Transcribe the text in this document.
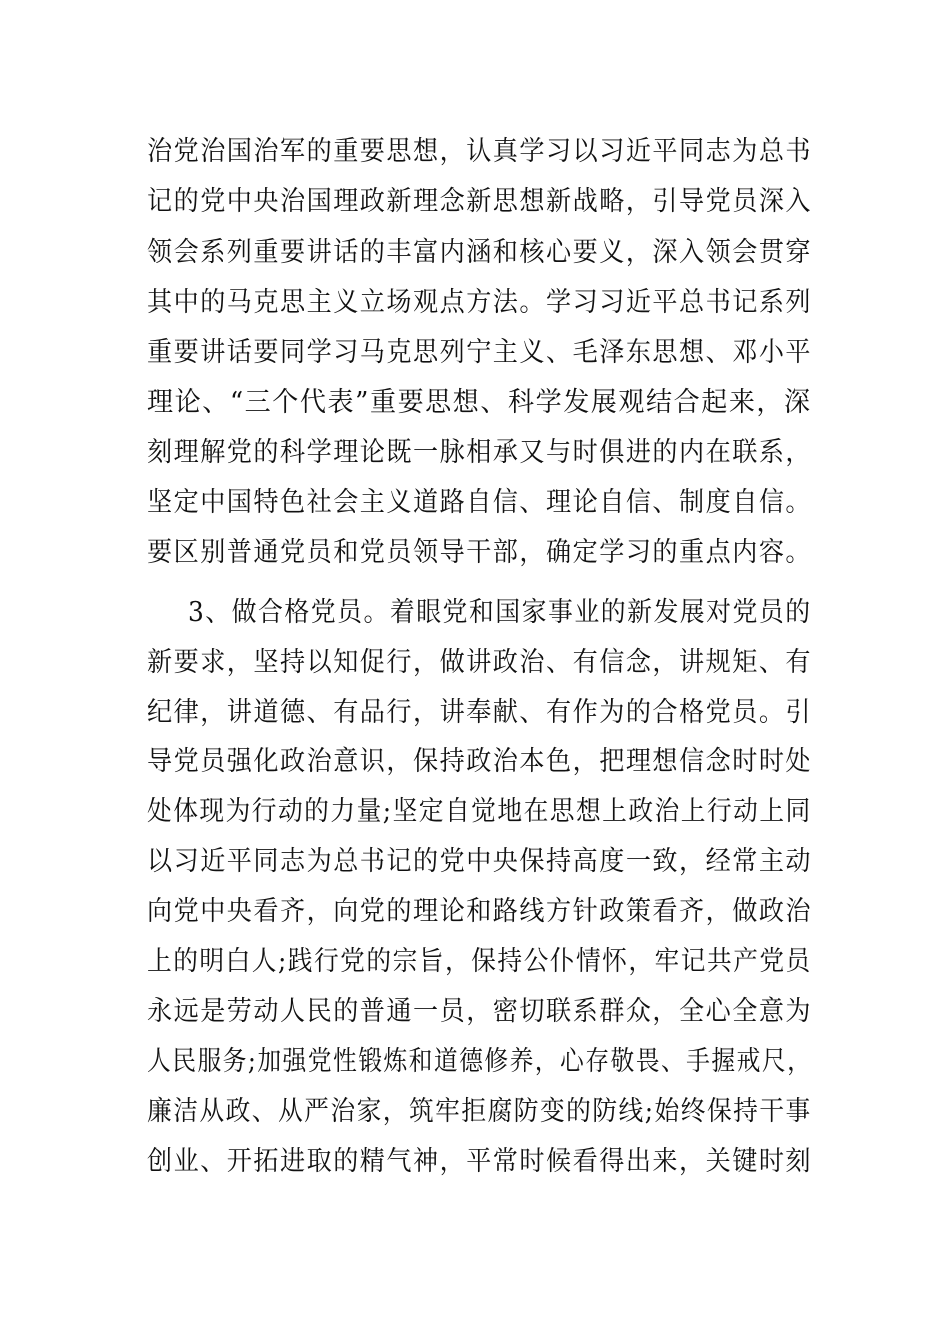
治党治国治军的重要思想，认真学习以习近平同志为总书
记的党中央治国理政新理念新思想新战略，引导党员深入
领会系列重要讲话的丰富内涵和核心要义，深入领会贯穿
其中的马克思主义立场观点方法。学习习近平总书记系列
重要讲话要同学习马克思列宁主义、毛泽东思想、邓小平
理论、“三个代表”重要思想、科学发展观结合起来，深
刻理解党的科学理论既一脉相承又与时俱进的内在联系，
坚定中国特色社会主义道路自信、理论自信、制度自信。
要区别普通党员和党员领导干部，确定学习的重点内容。
3、做合格党员。着眼党和国家事业的新发展对党员的
新要求，坚持以知促行，做讲政治、有信念，讲规矩、有
纪律，讲道德、有品行，讲奉献、有作为的合格党员。引
导党员强化政治意识，保持政治本色，把理想信念时时处
处体现为行动的力量;坚定自觉地在思想上政治上行动上同
以习近平同志为总书记的党中央保持高度一致，经常主动
向党中央看齐，向党的理论和路线方针政策看齐，做政治
上的明白人;践行党的宗旨，保持公仆情怀，牢记共产党员
永远是劳动人民的普通一员，密切联系群众，全心全意为
人民服务;加强党性锻炼和道德修养，心存敬畏、手握戒尺，
廉洁从政、从严治家，筑牢拒腐防变的防线;始终保持干事
创业、开拓进取的精气神，平常时候看得出来，关键时刻
